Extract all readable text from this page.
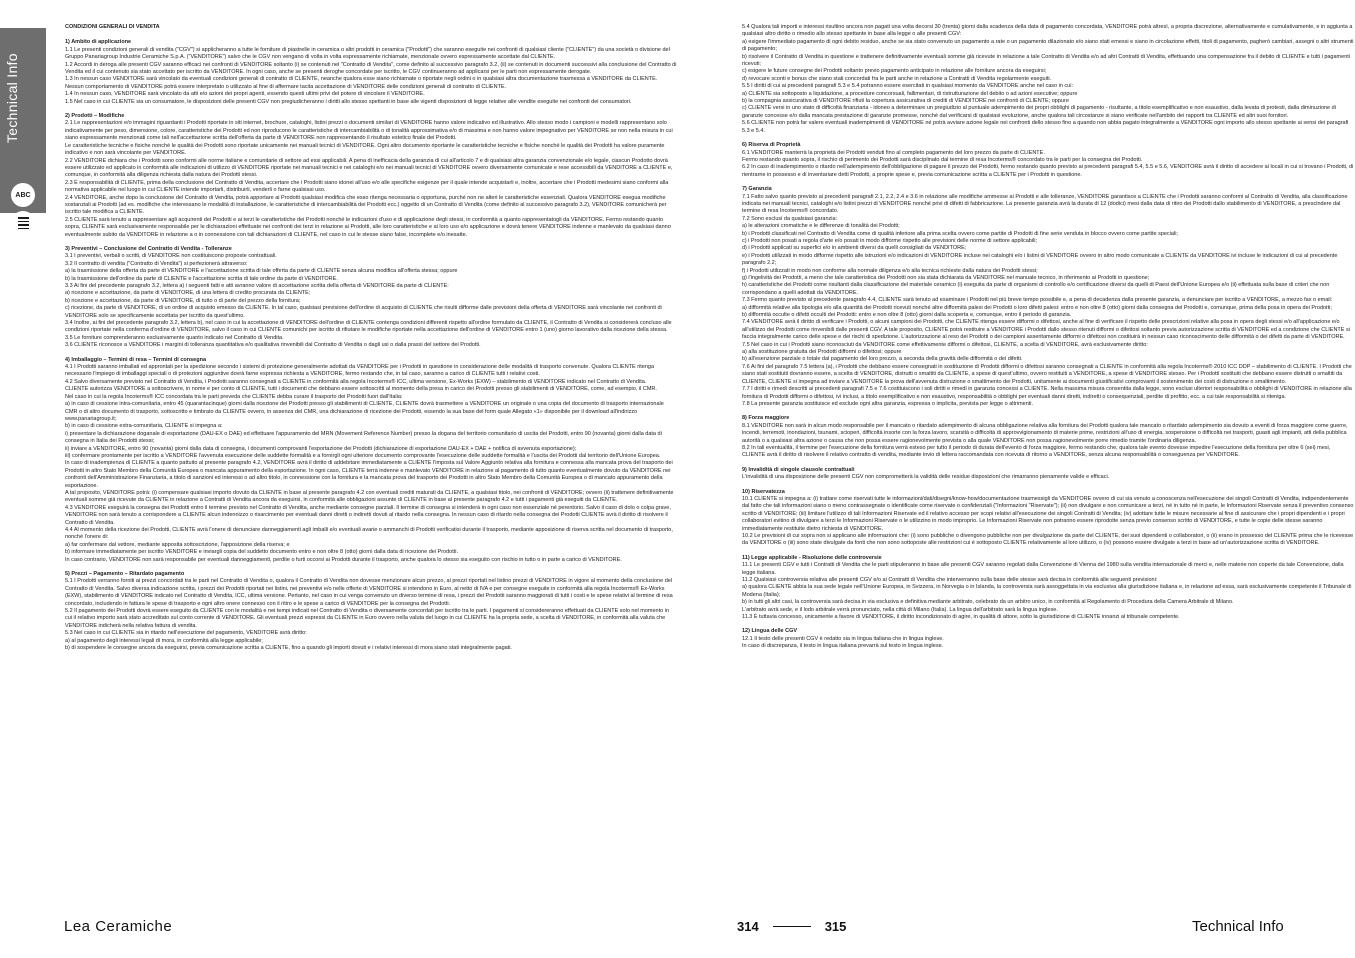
Technical Info
INDEX
ABC
CONDIZIONI GENERALI DI VENDITA
1) Ambito di applicazione

1.1 Le presenti condizioni generali di vendita ("CGV") si applicheranno a tutte le forniture di piastrelle in ceramica o altri prodotti in ceramica ("Prodotti") che saranno eseguite nei confronti di qualsiasi cliente ("CLIENTE") da una società o divisione del Gruppo Panariagroup Industrie Ceramiche S.p.A. ("VENDITORE") salvo che le CGV non vengano di volta in volta espressamente richiamate, menzionate ovvero espressamente accettate dal CLIENTE.

1.2 Accordi in deroga alle presenti CGV saranno efficaci nei confronti di VENDITORE soltanto (i) se contenuti nel "Contratto di Vendita", come definito al successivo paragrafo 3.2, (ii) se contenuti in documenti successivi alla conclusione del Contratto di Vendita ed il cui contenuto sia stato accettato per iscritto da VENDITORE. In ogni caso, anche se presenti deroghe concordate per iscritto, le CGV continueranno ad applicarsi per le parti non espressamente derogate.

1.3 In nessun caso VENDITORE sarà vincolato da eventuali condizioni generali di contratto di CLIENTE, neanche qualora esse siano richiamate o riportate negli ordini o in qualsiasi altra documentazione trasmessa a VENDITORE da CLIENTE. Nessun comportamento di VENDITORE potrà essere interpretato o utilizzato al fine di affermare tacita accettazione di VENDITORE delle condizioni generali di contratto di CLIENTE.

1.4 In nessun caso, VENDITORE sarà vincolato da atti e/o azioni dei propri agenti, essendo questi ultimi privi del potere di vincolare il VENDITORE.

1.5 Nel caso in cui CLIENTE sia un consumatore, le disposizioni delle presenti CGV non pregiudicheranno i diritti allo stesso spettanti in base alle vigenti disposizioni di legge relative alle vendite eseguite nei confronti dei consumatori.

2) Prodotti – Modifiche

2.1 Le rappresentazioni e/o immagini riguardanti i Prodotti riportate in siti internet, brochure, cataloghi, listini prezzi o documenti similari di VENDITORE hanno valore indicativo ed illustrativo. Allo stesso modo i campioni e modelli rappresentano solo indicativamente per peso, dimensione, colore, caratteristiche dei Prodotti ed non riproducono le caratteristiche di intercambiabilità o di tonalità approssimativa e/o di massima e non hanno valore impegnativo per VENDITORE se non nella misura in cui siano espressamente menzionati come tali nell'accettazione scritta dell'offerta da parte di VENDITORE non rappresentando il risultato estetico finale dei Prodotti.

Le caratteristiche tecniche e fisiche nonché le qualità dei Prodotti sono riportate unicamente nei manuali tecnici di VENDITORE. Ogni altro documento riportante le caratteristiche tecniche e fisiche nonché le qualità dei Prodotti ha valore puramente indicativo e non sarà vincolante per VENDITORE.

2.2 VENDITORE dichiara che i Prodotti sono conformi alle norme italiane e comunitarie di settore ad essi applicabili. A pena di inefficacia della garanzia di cui all'articolo 7 e di qualsiasi altra garanzia convenzionale e/o legale, ciascun Prodotto dovrà essere utilizzato ed applicato in conformità alle indicazioni di utilizzo di VENDITORE riportate nei manuali tecnici e nei cataloghi e/o nei manuali tecnici di VENDITORE ovvero diversamente comunicate e rese accessibili da VENDITORE a CLIENTE e, comunque, in conformità alla diligenza richiesta dalla natura dei Prodotti stessi.

2.3 È responsabilità di CLIENTE, prima della conclusione del Contratto di Vendita, accertare che i Prodotti siano idonei all'uso e/o alle specifiche esigenze per il quale intende acquistarli e, inoltre, accertare che i Prodotti medesimi siano conformi alla normativa applicabile nel luogo in cui CLIENTE intende importarli, distribuirli, venderli o farne qualsiasi uso.

2.4 VENDITORE, anche dopo la conclusione del Contratto di Vendita, potrà apportare ai Prodotti qualsiasi modifica che esso ritenga necessaria o opportuna, purché non ne alteri le caratteristiche essenziali. Qualora VENDITORE esegua modifiche sostanziali ai Prodotti (ad es. modifiche che interessano le modalità di installazione, le caratteristiche di intercambiabilità dei Prodotti ecc.) oggetto di un Contratto di Vendita (come definito al successivo paragrafo 3.2), VENDITORE comunicherà per iscritto tale modifica a CLIENTE.

2.5 CLIENTE sarà tenuto a rappresentare agli acquirenti dei Prodotti e ai terzi le caratteristiche dei Prodotti nonché le indicazioni d'uso e di applicazione degli stessi, in conformità a quanto rappresentatogli da VENDITORE. Fermo restando quanto sopra, CLIENTE sarà esclusivamente responsabile per le dichiarazioni effettuate nei confronti dei terzi in relazione ai Prodotti, alle loro caratteristiche e ai loro uso e/o applicazione e dovrà tenere VENDITORE indenne e manlevato da qualsiasi danno eventualmente subito da VENDITORE in relazione a o in connessione con tali dichiarazioni di CLIENTE, nel caso in cui le stesse siano false, incomplete e/o inesatte.

3) Preventivi – Conclusione del Contratto di Vendita - Tolleranze

3.1 I preventivi, verbali o scritti, di VENDITORE non costituiscono proposte contrattuali.

3.2 Il contratto di vendita ("Contratto di Vendita") si perfezionerà attraverso:

a) la trasmissione della offerta da parte di VENDITORE e l'accettazione scritta di tale offerta da parte di CLIENTE senza alcuna modifica all'offerta stessa; oppure

b) la trasmissione dell'ordine da parte di CLIENTE e l'accettazione scritta di tale ordine da parte di VENDITORE.

3.3 Ai fini del precedente paragrafo 3.2, lettera a) i seguenti fatti e atti avranno valore di accettazione scritta della offerta di VENDITORE da parte di CLIENTE:

a) ricezione e accettazione, da parte di VENDITORE, di una lettera di credito procurata da CLIENTE;

b) ricezione e accettazione, da parte di VENDITORE, di tutto o di parte del prezzo della fornitura;

c) ricezione, da parte di VENDITORE, di un ordine di acquisto emesso da CLIENTE. In tal caso, qualsiasi previsione dell'ordine di acquisto di CLIENTE che risulti difforme dalle previsioni della offerta di VENDITORE sarà vincolante nei confronti di VENDITORE solo se specificamente accettata per iscritto da quest'ultimo.

3.4 Inoltre, ai fini del precedente paragrafo 3.2, lettera b), nel caso in cui la accettazione di VENDITORE dell'ordine di CLIENTE contenga condizioni differenti rispetto all'ordine formulato da CLIENTE, il Contratto di Vendita si considererà concluso alle condizioni riportate nella conferma d'ordine di VENDITORE, salvo il caso in cui CLIENTE comunichi per iscritto di rifiutare le modifiche riportate nella accettazione dell'ordine di VENDITORE entro 1 (uno) giorno lavorativo dalla ricezione della stessa.

3.5 Le forniture comprenderanno esclusivamente quanto indicato nel Contratto di Vendita.

3.6 CLIENTE riconosce a VENDITORE i margini di tolleranza quantitativa e/o qualitativa rinvenibili dal Contratto di Vendita o dagli usi o dalla prassi del settore dei Prodotti.

4) Imballaggio – Termini di resa – Termini di consegna

4.1 I Prodotti saranno imballati ed approntati per la spedizione secondo i sistemi di protezione generalmente adottati da VENDITORE per i Prodotti in questione in considerazione delle modalità di trasporto convenute. Qualora CLIENTE ritenga necessario l'impiego di imballaggi speciali o di protezioni aggiuntive dovrà farne espressa richiesta a VENDITORE, fermo restando che, in tal caso, saranno a carico di CLIENTE tutti i relativi costi.

4.2 Salvo diversamente previsto nel Contratto di Vendita, i Prodotti saranno consegnati a CLIENTE in conformità alla regola Incoterms® ICC, ultima versione, Ex-Works (EXW) – stabilimento di VENDITORE indicato nel Contratto di Vendita.

CLIENTE autorizza VENDITORE a sottoscrivere, in nome e per conto di CLIENTE, tutti i documenti che debbano essere sottoscritti al momento della presa in carico dei Prodotti presso gli stabilimenti di VENDITORE, come, ad esempio, il CMR.

Nel caso in cui la regola Incoterms® ICC concordata tra le parti preveda che CLIENTE debba curare il trasporto dei Prodotti fuori dall'Italia:

a) in caso di cessione intra-comunitaria, entro 45 (quarantacinque) giorni dalla ricezione dei Prodotti presso gli stabilimenti di CLIENTE, CLIENTE dovrà trasmettere a VENDITORE un originale o una copia del documento di trasporto internazionale CMR o di altro documento di trasporto, sottoscritto e timbrato da CLIENTE ovvero, in assenza del CMR, una dichiarazione di ricezione dei Prodotti, essendo la sua base del form quale Allegato «1» disponibile per il download all'indirizzo www.panariagroup.it;

b) in caso di cessione extra-comunitaria, CLIENTE si impegna a:

i) presentare la dichiarazione doganale di esportazione (DAU-EX o DAE) ed effettuare l'appuramento del MRN (Movement Reference Number) presso la dogana del territorio comunitario di uscita dei Prodotti, entro 90 (novanta) giorni dalla data di consegna in Italia dei Prodotti stessi;

ii) inviare a VENDITORE, entro 90 (novanta) giorni dalla data di consegna, i documenti comprovanti l'esportazione dei Prodotti (dichiarazione di esportazione DAU-EX + DAE + notifica di avvenuta esportazione);

iii) confermare prontamente per iscritto a VENDITORE l'avvenuta esecuzione delle suddette formalità e a fornirgli ogni ulteriore documento comprovante l'esecuzione delle suddette formalità e l'uscita dei Prodotti dal territorio dell'Unione Europea.

In caso di inadempienza di CLIENTE a quanto pattuito al presente paragrafo 4.2, VENDITORE avrà il diritto di addebitare immediatamente a CLIENTE l'imposta sul Valore Aggiunto relativa alla fornitura e connessa alla mancata prova del trasporto dei Prodotti in altro Stato Membro della Comunità Europea o mancata appuramento della esportazione. In ogni caso, CLIENTE terrà indenne e manlevato VENDITORE in relazione al pagamento di tutto quanto eventualmente dovuto da VENDITORE nei confronti dell'Amministrazione Finanziaria, a titolo di sanzioni ed interessi o ad altro titolo, in connessione con la fornitura e la mancata prova del trasporto dei Prodotti in altro Stato Membro della Comunità Europea o di mancato appuramento della esportazione.

A tal proposito, VENDITORE potrà: (i) compensare qualsiasi importo dovuto da CLIENTE in base al presente paragrafo 4.2 con eventuali crediti maturati da CLIENTE, a qualsiasi titolo, nei confronti di VENDITORE; ovvero (ii) trattenere definitivamente eventuali somme già ricevute da CLIENTE in relazione a Contratti di Vendita ancora da eseguirsi, in conformità alle obbligazioni assunte di CLIENTE in base al presente paragrafo 4.2 e tutti i pagamenti già eseguiti da CLIENTE.

4.3 VENDITORE eseguirà la consegna dei Prodotti entro il termine previsto nel Contratto di Vendita, anche mediante consegne parziali. Il termine di consegna si intenderà in ogni caso non essenziale né perentorio. Salvo il caso di dolo o colpa grave, VENDITORE non sarà tenuto a corrispondere a CLIENTE alcun indennizzo o risarcimento per eventuali danni diretti o indiretti dovuti al ritardo nella consegna. In nessun caso di ritardo nella consegna dei Prodotti CLIENTE avrà il diritto di risolvere il Contratto di Vendita.

4.4 Al momento della ricezione dei Prodotti, CLIENTE avrà l'onere di denunciare danneggiamenti agli imballi e/o eventuali avarie o ammanchi di Prodotti verificatisi durante il trasporto, mediante apposizione di riserva scritta nel documento di trasporto, nonché l'onere di:

a) far confermare dal vettore, mediante apposita sottoscrizione, l'apposizione della riserva; e

b) informare immediatamente per iscritto VENDITORE e inviargli copia del suddetto documento entro e non oltre 8 (otto) giorni dalla data di ricezione dei Prodotti.

In caso contrario, VENDITORE non sarà responsabile per eventuali danneggiamenti, perdite o furti occorsi ai Prodotti durante il trasporto, anche qualora lo stesso sia eseguito con rischio in tutto o in parte a carico di VENDITORE.

5) Prezzi – Pagamento – Ritardato pagamento

5.1 I Prodotti verranno forniti ai prezzi concordati tra le parti nel Contratto di Vendita o, qualora il Contratto di Vendita non dovesse menzionare alcun prezzo, ai prezzi riportati nel listino prezzi di VENDITORE in vigore al momento della conclusione del Contratto di Vendita. Salvo diversa indicazione scritta, i prezzi dei Prodotti riportati nei listini, nei preventivi e/o nelle offerte di VENDITORE si intendono in Euro, al netto di IVA e per consegne eseguite in conformità alla regola Incoterms® Ex-Works (EXW), stabilimento di VENDITORE indicato nel Contratto di Vendita, ICC, ultima versione. Pertanto, nel caso in cui venga convenuto un diverso termine di resa, i prezzi dei Prodotti saranno maggiorati di tutti i costi e le spese relativi al termine di resa concordato, includendo in fattura le spese di trasporto e ogni altro onere connesso con il ritiro e le spese a carico di VENDITORE per la consegna dei Prodotti.

5.2 Il pagamento dei Prodotti dovrà essere eseguito da CLIENTE con le modalità e nei tempi indicati nel Contratto di Vendita o diversamente concordati per iscritto tra le parti. I pagamenti si considereranno effettuati da CLIENTE solo nel momento in cui il relativo importo sarà stato accreditato sul conto corrente di VENDITORE. Gli eventuali prezzi espressi da CLIENTE in Euro ovvero nella valuta del luogo in cui CLIENTE ha la propria sede, a scelta di VENDITORE, in conformità alla valuta che VENDITORE indicherà nella relativa fattura di vendita.

5.3 Nel caso in cui CLIENTE sia in ritardo nell'esecuzione del pagamento, VENDITORE avrà diritto:

a) al pagamento degli interessi legali di mora, in conformità alla legge applicabile;

b) di sospendere le consegne ancora da eseguirsi, previa comunicazione scritta a CLIENTE, fino a quando gli importi dovuti e i relativi interessi di mora siano stati integralmente pagati.

5.4 Qualora tali importi e interessi risultino ancora non pagati una volta decorsi 30 (trenta) giorni dalla scadenza della data di pagamento concordata, VENDITORE potrà altresì, a propria discrezione, alternativamente e cumulativamente, e in aggiunta a qualsiasi altro diritto o rimedio allo stesso spettante in base alla legge o alle presenti CGV:

a) esigere l'immediato pagamento di ogni debito residuo, anche se sia stato convenuto un pagamento a rate o un pagamento dilazionato e/o siano stati emessi e siano in circolazione effetti, titoli di pagamento, pagherò cambiari, assegni o altri strumenti di pagamento;

b) risolvere il Contratto di Vendita in questione e trattenere definitivamente eventuali somme già ricevute in relazione a tale Contratto di Vendita e/o ad altri Contratti di Vendita, effettuando una compensazione fra il debito di CLIENTE e tutti i pagamenti ricevuti;

c) esigere le future consegne dei Prodotti soltanto previo pagamento anticipato in relazione alle forniture ancora da eseguirsi;

d) revocare sconti e bonus che siano stati concordati fra le parti anche in relazione a Contratti di Vendita regolarmente eseguiti.

5.5 I diritti di cui ai precedenti paragrafi 5.3 e 5.4 potranno essere esercitati in qualsiasi momento da VENDITORE anche nel caso in cui:

a) CLIENTE sia sottoposto a liquidazione, a procedure concorsuali, fallimentari, di ristrutturazione del debito o ad azioni esecutive; oppure

b) la compagnia assicurativa di VENDITORE rifiuti la copertura assicurativa di crediti di VENDITORE nei confronti di CLIENTE; oppure

c) CLIENTE versi in uno stato di difficoltà finanziaria - idoneo a determinare un pregiudizio al puntuale adempimento dei propri obblighi di pagamento - risultante, a titolo esemplificativo e non esaustivo, dalla levata di protesti, dalla diminuzione di garanzie concesse e/o dalla mancata prestazione di garanzie promesse, nonché dal verificarsi di qualsiasi evoluzione, anche qualora tali circostanze si siano verificate nell'ambito dei rapporti tra CLIENTE ed altri suoi fornitori.

5.6 CLIENTE non potrà far valere eventuali inadempimenti di VENDITORE né potrà avviare azione legale nei confronti dello stesso fino a quando non abbia pagato integralmente a VENDITORE ogni importo allo stesso spettante ai sensi dei paragrafi 5.3 e 5.4.

6) Riserva di Proprietà

6.1 VENDITORE manterrà la proprietà dei Prodotti venduti fino al completo pagamento del loro prezzo da parte di CLIENTE.

Fermo restando quanto sopra, il rischio di perimento dei Prodotti sarà disciplinato dal termine di resa Incoterms® concordato tra le parti per la consegna dei Prodotti.

6.2 In caso di inadempimento o ritardo nell'adempimento dell'obbligazione di pagare il prezzo dei Prodotti, fermo restando quanto previsto ai precedenti paragrafi 5.4, 5.5 e 5.6, VENDITORE avrà il diritto di accedere ai locali in cui si trovano i Prodotti, di rientrarne in possesso e di inventariare detti Prodotti, a proprie spese e, previa comunicazione scritta a CLIENTE per i Prodotti in questione.

7) Garanzia

7.1 Fatto salvo quanto previsto ai precedenti paragrafi 2.1, 2.2, 2.4 e 3.6 in relazione alle modifiche ammesse ai Prodotti e alle tolleranze, VENDITORE garantisce a CLIENTE che i Prodotti saranno conformi al Contratto di Vendita, alla classificazione indicata nei manuali tecnici, cataloghi e/o listini prezzi di VENDITORE nonché privi di difetti di fabbricazione. La presente garanzia avrà la durata di 12 (dodici) mesi dalla data di ritiro dei Prodotti dallo stabilimento di VENDITORE, a prescindere dal termine di resa Incoterms® concordato.

7.2 Sono esclusi da qualsiasi garanzia:

a) le alterazioni cromatiche e le differenze di tonalità dei Prodotti;

b) i Prodotti classificati nel Contratto di Vendita come di qualità inferiore alla prima scelta ovvero come partite di Prodotti di fine serie venduta in blocco ovvero come partite speciali;

c) i Prodotti non posati a regola d'arte e/o posati in modo difforme rispetto alle previsioni delle norme di settore applicabili;

d) i Prodotti applicati su superfici e/o in ambienti diversi da quelli consigliati da VENDITORE;

e) i Prodotti utilizzati in modo difforme rispetto alle istruzioni e/o indicazioni di VENDITORE incluse nei cataloghi e/o i listini di VENDITORE ovvero in altro modo comunicate a CLIENTE da VENDITORE ivi incluse le indicazioni di cui al precedente paragrafo 2.2;

f) i Prodotti utilizzati in modo non conforme alla normale diligenza e/o alla tecnica richieste dalla natura dei Prodotti stessi;

g) l'ingelività dei Prodotti, a meno che tale caratteristica dei Prodotti non sia stata dichiarata da VENDITORE nel manuale tecnico, in riferimento ai Prodotti in questione;

h) caratteristiche dei Prodotti come risultanti dalla classificazione del materiale ceramico (i) eseguita da parte di organismi di controllo e/o certificazione diversi da quelli di Paesi dell'Unione Europea e/o (ii) effettuata sulla base di criteri che non corrispondano a quelli adottati da VENDITORE.

7.3 Fermo quanto previsto al precedente paragrafo 4.4, CLIENTE sarà tenuto ad esaminare i Prodotti nel più breve tempo possibile e, a pena di decadenza dalla presente garanzia, a denunciare per iscritto a VENDITORE, a mezzo fax o email:

a) difformità relative alla tipologia e/o alla quantità dei Prodotti ricevuti nonché altre difformità palesi dei Prodotti o loro difetti palesi: entro e non oltre 8 (otto) giorni dalla consegna dei Prodotti e, comunque, prima della posa in opera dei Prodotti;

b) difformità occulte o difetti occulti dei Prodotti: entro e non oltre 8 (otto) giorni dalla scoperta e, comunque, entro il periodo di garanzia.

7.4 VENDITORE avrà il diritto di verificare i Prodotti, o alcuni campioni dei Prodotti, che CLIENTE ritenga essere difformi o difettosi, anche al fine di verificare il rispetto delle prescrizioni relative alla posa in opera degli stessi e/o all'applicazione e/o all'utilizzo dei Prodotti come rinvenibili dalle presenti CGV. A tale proposito, CLIENTE potrà restituire a VENDITORE i Prodotti dallo stesso ritenuti difformi o difettosi soltanto previa autorizzazione scritta di VENDITORE ed a condizione che CLIENTE si faccia integralmente carico delle spese e dei rischi di spedizione. L'autorizzazione al reso dei Prodotti o dei campioni asseritamente difformi o difettosi non costituirà in nessun caso riconoscimento delle difformità o dei difetti da parte di VENDITORE.

7.5 Nel caso in cui i Prodotti siano riconosciuti da VENDITORE come effettivamente difformi o difettosi, CLIENTE, a scelta di VENDITORE, avrà esclusivamente diritto:

a) alla sostituzione gratuita dei Prodotti difformi o difettosi; oppure

b) all'esenzione parziale o totale dal pagamento del loro prezzo, a seconda della gravità delle difformità o dei difetti.

7.6 Ai fini del paragrafo 7.5 lettera (a), i Prodotti che debbano essere consegnati in sostituzione di Prodotti difformi o difettosi saranno consegnati a CLIENTE in conformità alla regola Incoterms® 2010 ICC DDP – stabilimento di CLIENTE. I Prodotti che siano stati sostituiti dovranno essere, a scelta di VENDITORE, distrutti o smaltiti da CLIENTE, a spese di quest'ultimo, ovvero restituiti a VENDITORE, a spese di VENDITORE stesso. Per i Prodotti sostituiti che debbano essere distrutti o smaltiti da CLIENTE, CLIENTE si impegna ad inviare a VENDITORE la prova dell'avvenuta distruzione o smaltimento dei Prodotti, unitamente ai documenti giustificativi comprovanti il sostenimento dei costi di distruzione o smaltimento.

7.7 I diritti e rimedi descritti ai precedenti paragrafi 7.5 e 7.6 costituiscono i soli diritti e rimedi in garanzia concessi a CLIENTE. Nella massima misura consentita dalla legge, sono esclusi ulteriori responsabilità o obblighi di VENDITORE in relazione alla fornitura di Prodotti difformi o difettosi, ivi inclusi, a titolo esemplificativo e non esaustivo, responsabilità o obblighi per eventuali danni diretti, indiretti o consequenziali, perdite di profitto, ecc. a cui tale responsabilità si riteniga.

7.8 La presente garanzia sostituisce ed esclude ogni altra garanzia, espressa o implicita, prevista per legge o altrimenti.

8) Forza maggiore

8.1 VENDITORE non sarà in alcun modo responsabile per il mancato o ritardato adempimento di alcuna obbligazione relativa alla fornitura dei Prodotti qualora tale mancato o ritardato adempimento sia dovuto a eventi di forza maggiore come guerre, incendi, terremoti, inondazioni, tsunami, scioperi, difficoltà insorte con la forza lavoro, scarsità o difficoltà di approvvigionamento di materie prime, restrizioni all'uso di energia, sospensione o difficoltà nei trasporti, guasti agli impianti, atti della pubblica autorità o a qualsiasi altra azione o causa che non possa essere ragionevolmente prevista o alla quale VENDITORE non possa ragionevolmente porre rimedio tramite l'ordinaria diligenza.

8.2 In tali eventualità, il termine per l'esecuzione della fornitura verrà esteso per tutto il periodo di durata dell'evento di forza maggiore, fermo restando che, qualora tale evento dovesse impedire l'esecuzione della fornitura per oltre 6 (sei) mesi, CLIENTE avrà il diritto di risolvere il relativo contratto di vendita, mediante invio di lettera raccomandata con ricevuta di ritorno a VENDITORE, senza alcuna responsabilità o conseguenza per VENDITORE.

9) Invalidità di singole clausole contrattuali

L'invalidità di una disposizione delle presenti CGV non comprometterà la validità delle residue disposizioni che rimarranno pienamente valide e efficaci.

10) Riservatezza

10.1 CLIENTE si impegna a: (i) trattare come riservati tutte le informazioni/dati/disegni/know-how/documentazione trasmessigli da VENDITORE ovvero di cui sia venuto a conoscenza nell'esecuzione dei singoli Contratti di Vendita, indipendentemente dal fatto che tali informazioni siano o meno contrassegnate o identificate come riservate o confidenziali ("Informazioni "Riservate"); (ii) non divulgare e non comunicare a terzi, né in tutto né in parte, le Informazioni Riservate senza il preventivo consenso scritto di VENDITORE; (iii) limitare l'utilizzo di tali Informazioni Riservate ed il relativo accesso per scopi relativi all'esecuzione dei singoli Contratti di Vendita; (iv) adottare tutte le misure necessarie al fine di assicurare che i propri dipendenti e i propri collaboratori evitino di divulgare a terzi le Informazioni Riservate o le utilizzino in modo improprio. Le Informazioni Riservate non potranno essere riprodotte senza previo consenso scritto di VENDITORE, e tutte le copie delle stesse saranno immediatamente restituite dietro richiesta di VENDITORE.

10.2 Le previsioni di cui sopra non si applicano alle informazioni che: (i) sono pubbliche o divengono pubbliche non per divulgazione da parte del CLIENTE, dei suoi dipendenti o collaboratori, o (ii) erano in possesso del CLIENTE prima che le ricevesse da VENDITORE o (iii) sono state divulgate da fonti che non sono sottoposte alle restrizioni cui è sottoposto CLIENTE relativamente al loro utilizzo, o (iv) possono essere divulgate a terzi in base ad un'autorizzazione scritta di VENDITORE.

11) Legge applicabile - Risoluzione delle controversie

11.1 Le presenti CGV e tutti i Contratti di Vendita che le parti stipuleranno in base alle presenti CGV saranno regolati dalla Convenzione di Vienna del 1980 sulla vendita internazionale di merci e, nelle materie non coperte da tale Convenzione, dalla legge italiana.

11.2 Qualsiasi controversia relativa alle presenti CGV e/o ai Contratti di Vendita che interverranno sulla base delle stesse sarà decisa in conformità alle seguenti previsioni:

a) qualora CLIENTE abbia la sua sede legale nell'Unione Europea, in Svizzera, in Norvegia o in Islanda, la controversia sarà assoggettata in via esclusiva alla giurisdizione italiana e, in relazione ad essa, sarà esclusivamente competente il Tribunale di Modena (Italia);

b) in tutti gli altri casi, la controversia sarà decisa in via esclusiva e definitiva mediante arbitrato, celebrato da un arbitro unico, in conformità al Regolamento di Procedura della Camera Arbitrale di Milano.

L'arbitrato avrà sede, e il lodo arbitrale verrà pronunciato, nella città di Milano (Italia). La lingua dell'arbitrato sarà la lingua inglese.

11.3 È tuttavia concesso, unicamente a favore di VENDITORE, il diritto incondizionato di agire, in qualità di attore, sotto la giurisdizione di CLIENTE innanzi al tribunale competente.

12) Lingua delle CGV

12.1 Il testo delle presenti CGV è redatto sia in lingua italiana che in lingua inglese.

In caso di discrepanza, il testo in lingua italiana prevarrà sul testo in lingua inglese.

Lea Ceramiche	314	315	Technical Info
